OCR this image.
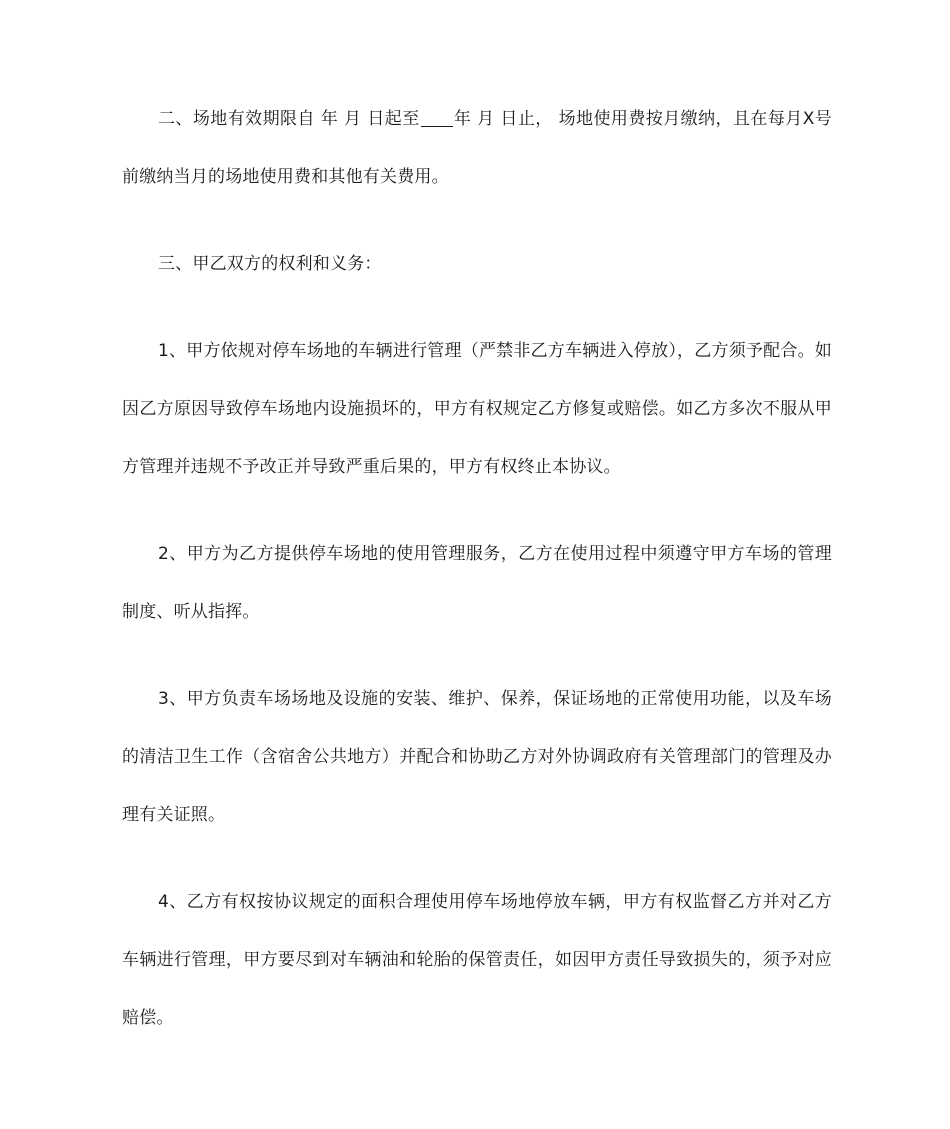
二、场地有效期限自 年 月 日起至 年 月 日止， 场地使用费按月缴纳，且在每月X号前缴纳当月的场地使用费和其他有关费用。

三、甲乙双方的权利和义务：

1、甲方依规对停车场地的车辆进行管理（严禁非乙方车辆进入停放），乙方须予配合。如因乙方原因导致停车场地内设施损坏的，甲方有权规定乙方修复或赔偿。如乙方多次不服从甲方管理并违规不予改正并导致严重后果的，甲方有权终止本协议。

2、甲方为乙方提供停车场地的使用管理服务，乙方在使用过程中须遵守甲方车场的管理制度、听从指挥。

3、甲方负责车场场地及设施的安装、维护、保养，保证场地的正常使用功能，以及车场的清洁卫生工作（含宿舍公共地方）并配合和协助乙方对外协调政府有关管理部门的管理及办理有关证照。

4、乙方有权按协议规定的面积合理使用停车场地停放车辆，甲方有权监督乙方并对乙方车辆进行管理，甲方要尽到对车辆油和轮胎的保管责任，如因甲方责任导致损失的，须予对应赔偿。
